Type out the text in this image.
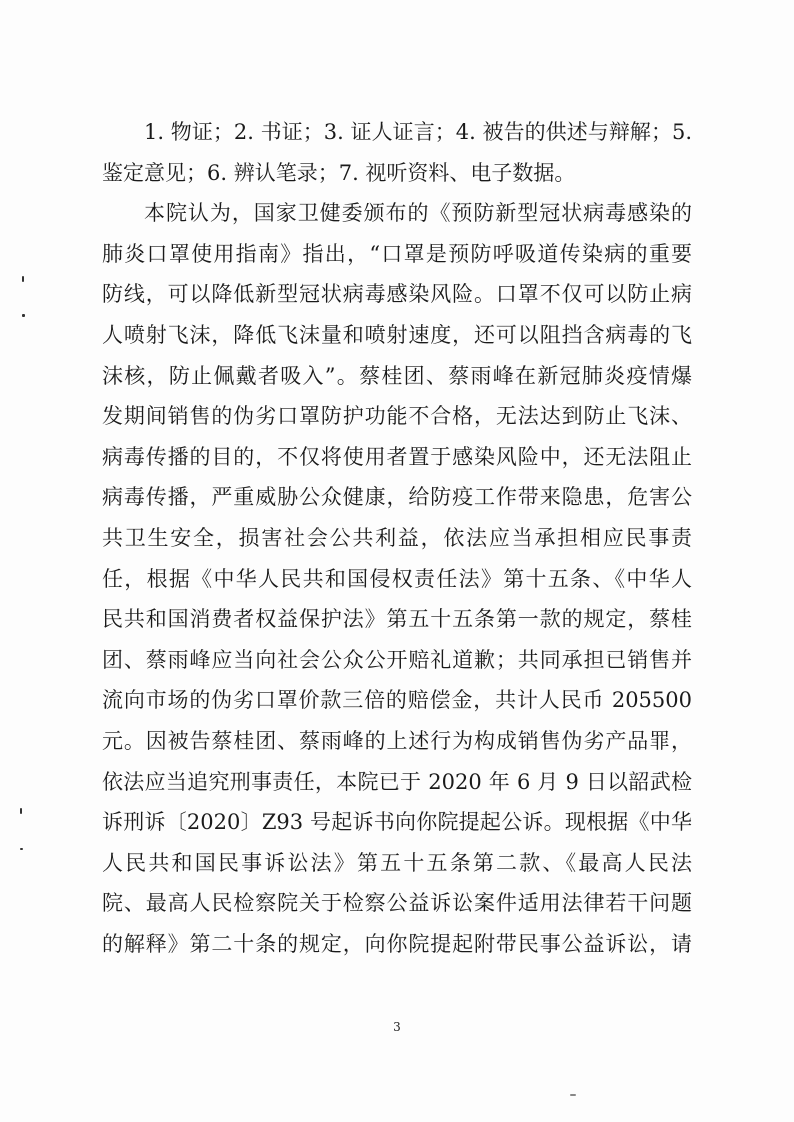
1. 物证；2. 书证；3. 证人证言；4. 被告的供述与辩解；5.
鉴定意见；6. 辨认笔录；7. 视听资料、电子数据。
本院认为，国家卫健委颁布的《预防新型冠状病毒感染的
肺炎口罩使用指南》指出，“口罩是预防呼吸道传染病的重要
防线，可以降低新型冠状病毒感染风险。口罩不仅可以防止病
人喷射飞沫，降低飞沫量和喷射速度，还可以阻挡含病毒的飞
沫核，防止佩戴者吸入”。蔡桂团、蔡雨峰在新冠肺炎疫情爆
发期间销售的伪劣口罩防护功能不合格，无法达到防止飞沫、
病毒传播的目的，不仅将使用者置于感染风险中，还无法阻止
病毒传播，严重威胁公众健康，给防疫工作带来隐患，危害公
共卫生安全，损害社会公共利益，依法应当承担相应民事责
任，根据《中华人民共和国侵权责任法》第十五条、《中华人
民共和国消费者权益保护法》第五十五条第一款的规定，蔡桂
团、蔡雨峰应当向社会公众公开赔礼道歉；共同承担已销售并
流向市场的伪劣口罩价款三倍的赔偿金，共计人民币 205500
元。因被告蔡桂团、蔡雨峰的上述行为构成销售伪劣产品罪，
依法应当追究刑事责任，本院已于 2020 年 6 月 9 日以韶武检
诉刑诉〔2020〕Z93 号起诉书向你院提起公诉。现根据《中华
人民共和国民事诉讼法》第五十五条第二款、《最高人民法
院、最高人民检察院关于检察公益诉讼案件适用法律若干问题
的解释》第二十条的规定，向你院提起附带民事公益诉讼，请
3
